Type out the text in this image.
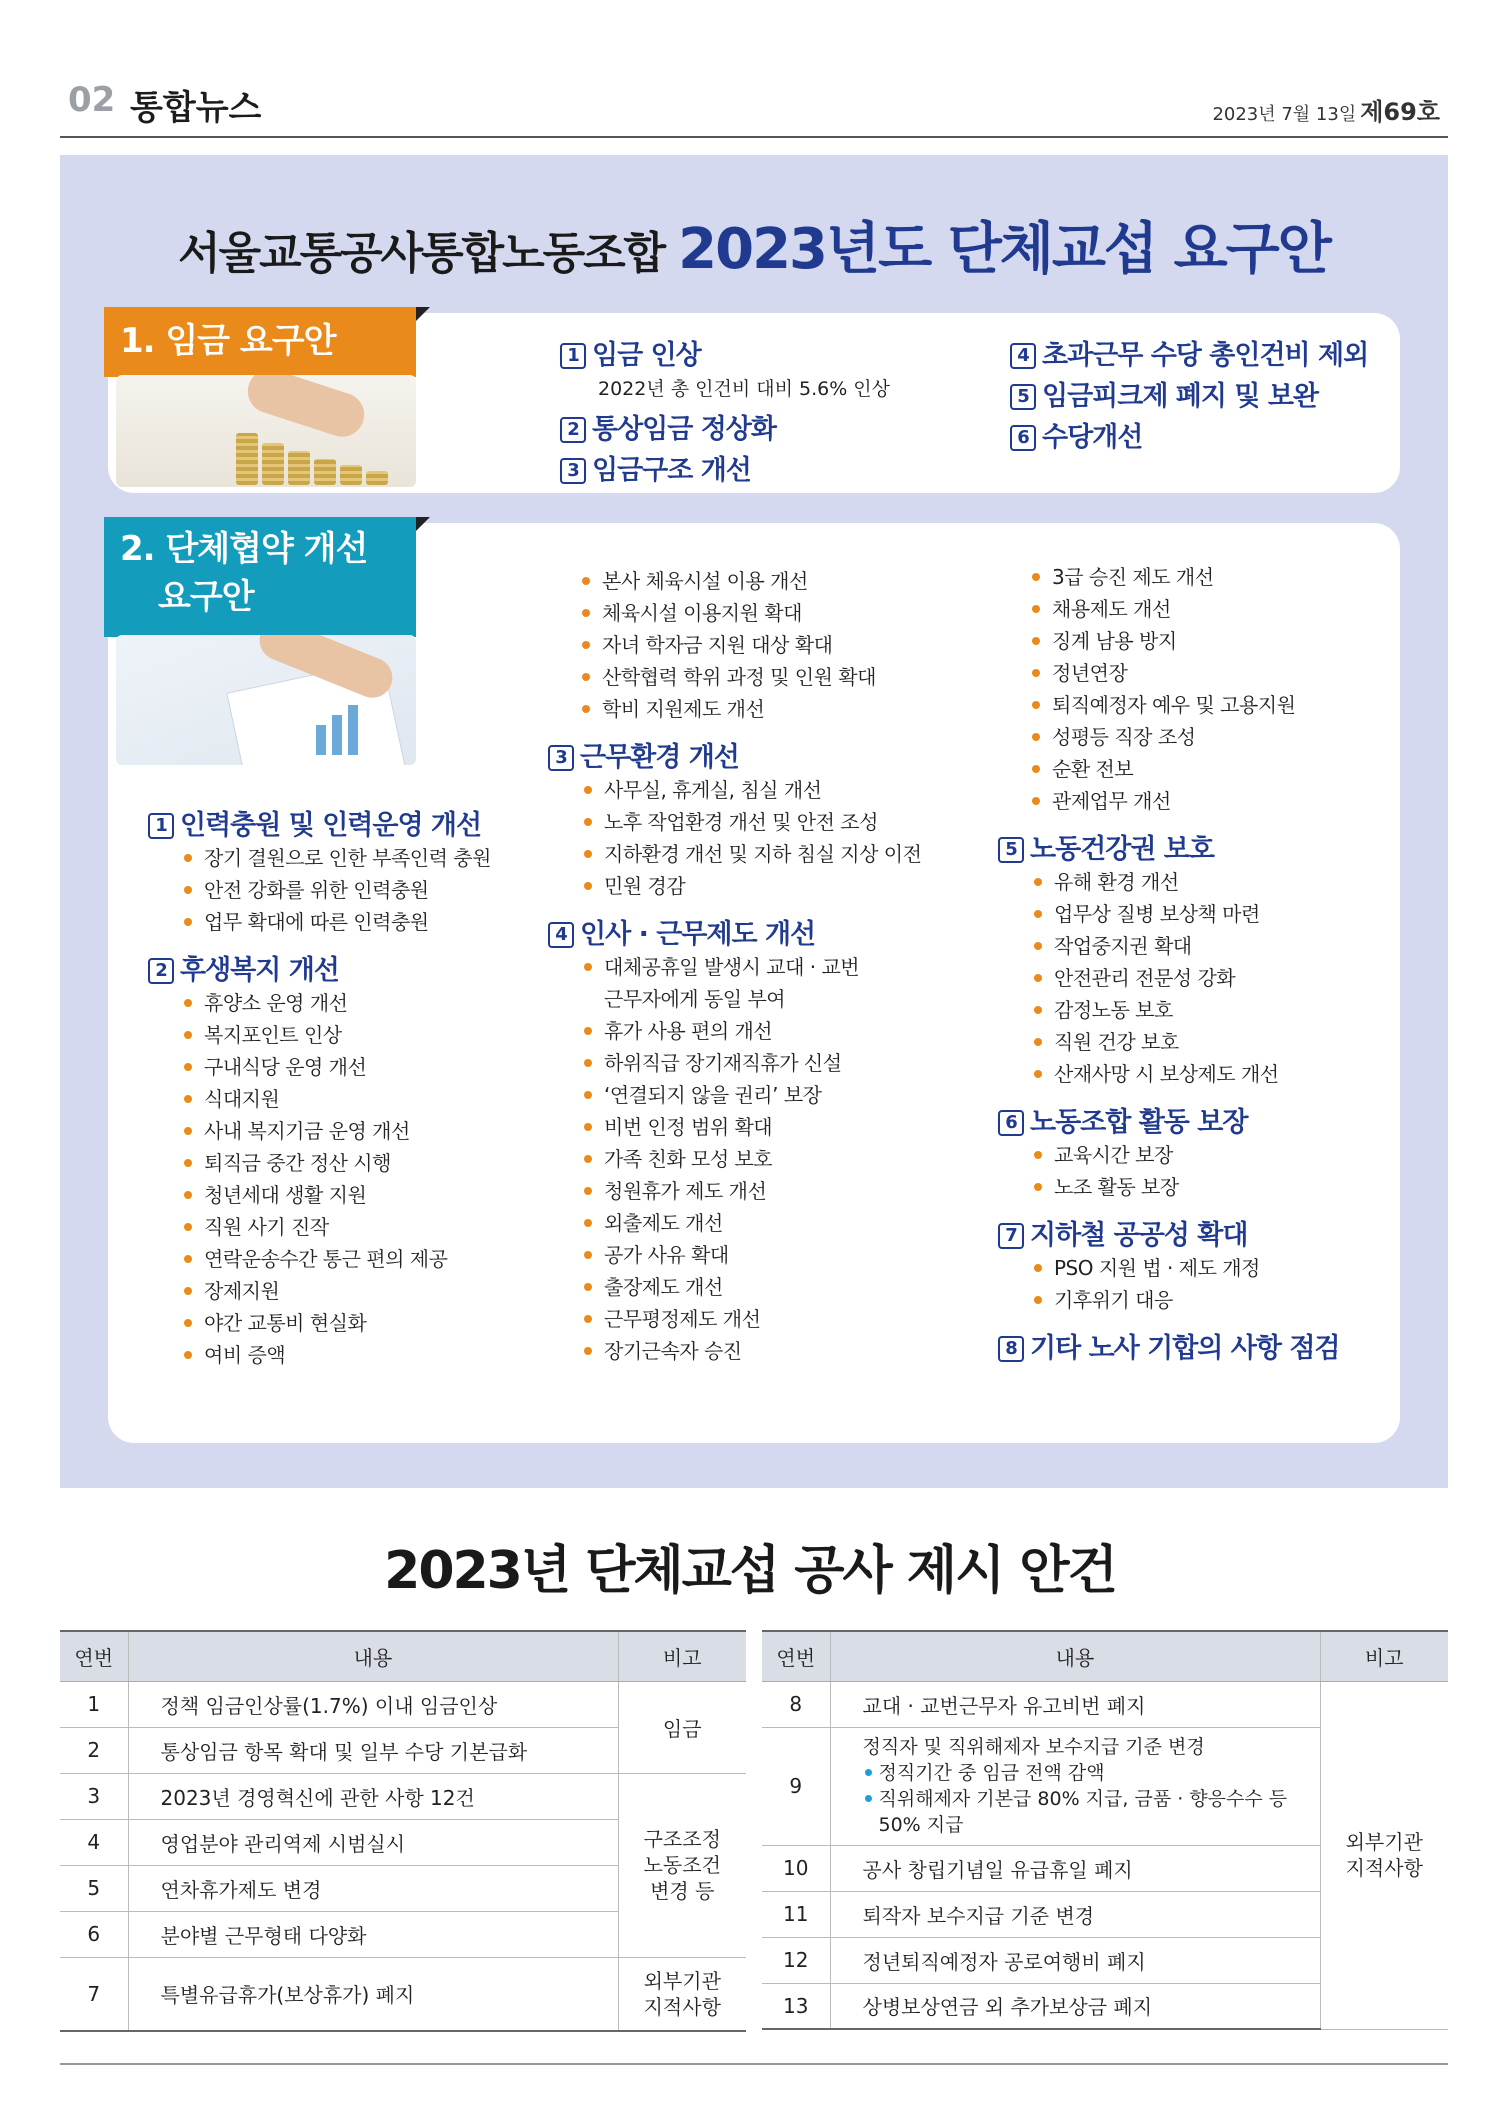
02 통합뉴스	2023년 7월 13일 제69호
서울교통공사통합노동조합 2023년도 단체교섭 요구안
1. 임금 요구안	1 임금 인상
2022년 총 인건비 대비 5.6% 인상
2 통상임금 정상화
3 임금구조 개선
4 초과근무 수당 총인건비 제외
5 임금피크제 폐지 및 보완
6 수당개선
2. 단체협약 개선
요구안
1 인력충원 및 인력운영 개선
장기 결원으로 인한 부족인력 충원
안전 강화를 위한 인력충원
업무 확대에 따른 인력충원
2 후생복지 개선
휴양소 운영 개선
복지포인트 인상
구내식당 운영 개선
식대지원
사내 복지기금 운영 개선
퇴직금 중간 정산 시행
청년세대 생활 지원
직원 사기 진작
연락운송수간 통근 편의 제공
장제지원
야간 교통비 현실화
여비 증액
본사 체육시설 이용 개선
체육시설 이용지원 확대
자녀 학자금 지원 대상 확대
산학협력 학위 과정 및 인원 확대
학비 지원제도 개선
3 근무환경 개선
사무실, 휴게실, 침실 개선
노후 작업환경 개선 및 안전 조성
지하환경 개선 및 지하 침실 지상 이전
민원 경감
4 인사 · 근무제도 개선
대체공휴일 발생시 교대 · 교번
근무자에게 동일 부여
휴가 사용 편의 개선
하위직급 장기재직휴가 신설
‘연결되지 않을 권리’ 보장
비번 인정 범위 확대
가족 친화 모성 보호
청원휴가 제도 개선
외출제도 개선
공가 사유 확대
출장제도 개선
근무평정제도 개선
장기근속자 승진
3급 승진 제도 개선
채용제도 개선
징계 남용 방지
정년연장
퇴직예정자 예우 및 고용지원
성평등 직장 조성
순환 전보
관제업무 개선
5 노동건강권 보호
유해 환경 개선
업무상 질병 보상책 마련
작업중지권 확대
안전관리 전문성 강화
감정노동 보호
직원 건강 보호
산재사망 시 보상제도 개선
6 노동조합 활동 보장
교육시간 보장
노조 활동 보장
7 지하철 공공성 확대
PSO 지원 법 · 제도 개정
기후위기 대응
8 기타 노사 기합의 사항 점검
2023년 단체교섭 공사 제시 안건
연번	내용	비고
1	정책 임금인상률(1.7%) 이내 임금인상	임금
2	통상임금 항목 확대 및 일부 수당 기본급화	
3	2023년 경영혁신에 관한 사항 12건	구조조정
노동조건
변경 등

4	영업분야 관리역제 시범실시	
5	연차휴가제도 변경	
6	분야별 근무형태 다양화	
7	특별유급휴가(보상휴가) 폐지	외부기관
지적사항
연번	내용	비고
8	교대 · 교번근무자 유고비번 폐지	외부기관
지적사항

9	정직자 및 직위해제자 보수지급 기준 변경
정직기간 중 임금 전액 감액
직위해제자 기본급 80% 지급, 금품 · 향응수수 등
50% 지급	

10	공사 창립기념일 유급휴일 폐지	
11	퇴작자 보수지급 기준 변경	
12	정년퇴직예정자 공로여행비 폐지	
13	상병보상연금 외 추가보상금 폐지	
